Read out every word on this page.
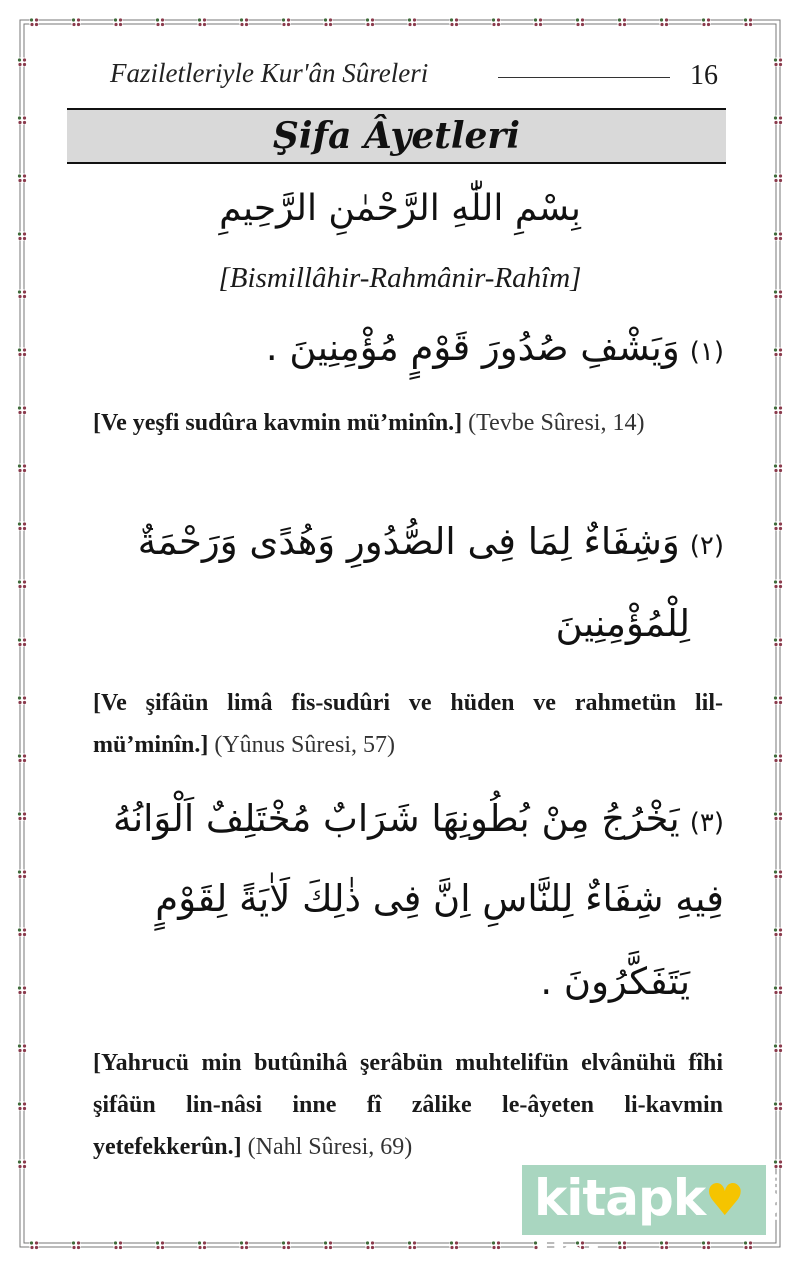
Faziletleriyle Kur'ân Sûreleri	16
Şifa Âyetleri
بِسْمِ اللّٰهِ الرَّحْمٰنِ الرَّحِيمِ
[Bismillâhir-Rahmânir-Rahîm]
(١)وَيَشْفِ صُدُورَ قَوْمٍ مُؤْمِنِينَ .
[Ve yeşfi sudûra kavmin mü’minîn.] (Tevbe Sûresi, 14)
(٢)وَشِفَاءٌ لِمَا فِى الصُّدُورِ وَهُدًى وَرَحْمَةٌ
لِلْمُؤْمِنِينَ
[Ve şifâün limâ fis-sudûri ve hüden ve rahmetün lil-mü’minîn.] (Yûnus Sûresi, 57)
(٣)يَخْرُجُ مِنْ بُطُونِهَا شَرَابٌ مُخْتَلِفٌ اَلْوَانُهُ
فِيهِ شِفَاءٌ لِلنَّاسِ اِنَّ فِى ذٰلِكَ لَاٰيَةً لِقَوْمٍ
يَتَفَكَّرُونَ .
[Yahrucü min butûnihâ şerâbün muhtelifün elvânühü fîhi şifâün lin-nâsi inne fî zâlike le-âyeten li-kavmin yetefekkerûn.] (Nahl Sûresi, 69)
kitapk♥lbi
.com
